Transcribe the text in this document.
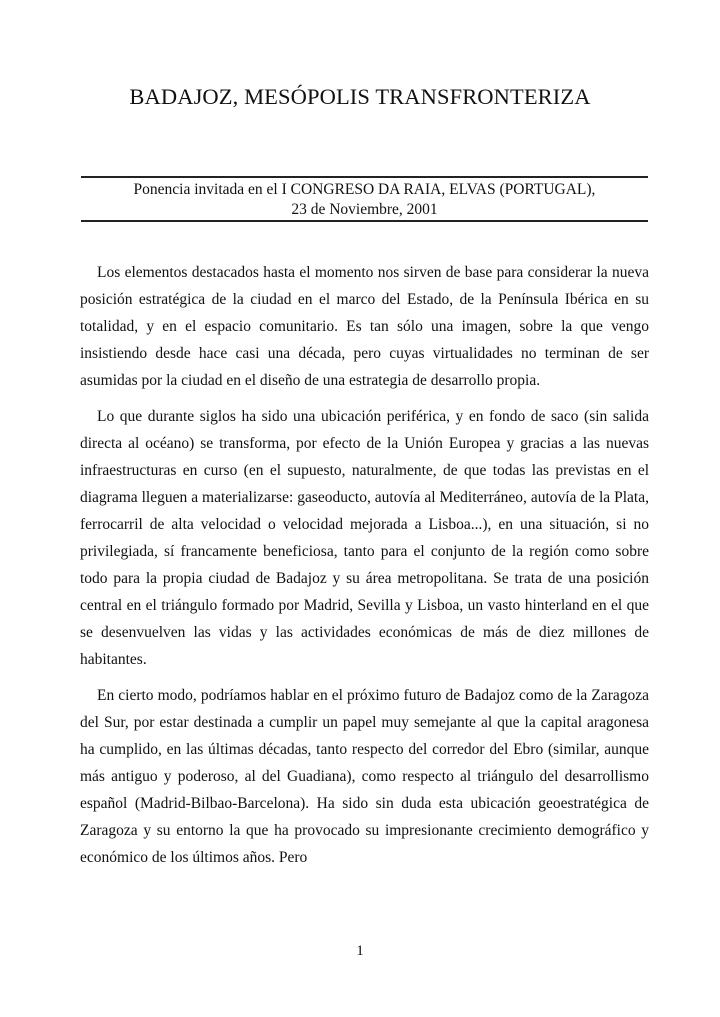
BADAJOZ, MESÓPOLIS TRANSFRONTERIZA
Ponencia invitada en el I CONGRESO DA RAIA, ELVAS (PORTUGAL),
23 de Noviembre, 2001

Los elementos destacados hasta el momento nos sirven de base para considerar la nueva posición estratégica de la ciudad en el marco del Estado, de la Península Ibérica en su totalidad, y en el espacio comunitario. Es tan sólo una imagen, sobre la que vengo insistiendo desde hace casi una década, pero cuyas virtualidades no terminan de ser asumidas por la ciudad en el diseño de una estrategia de desarrollo propia.

Lo que durante siglos ha sido una ubicación periférica, y en fondo de saco (sin salida directa al océano) se transforma, por efecto de la Unión Europea y gracias a las nuevas infraestructuras en curso (en el supuesto, naturalmente, de que todas las previstas en el diagrama lleguen a materializarse: gaseoducto, autovía al Mediterráneo, autovía de la Plata, ferrocarril de alta velocidad o velocidad mejorada a Lisboa...), en una situación, si no privilegiada, sí francamente beneficiosa, tanto para el conjunto de la región como sobre todo para la propia ciudad de Badajoz y su área metropolitana. Se trata de una posición central en el triángulo formado por Madrid, Sevilla y Lisboa, un vasto hinterland en el que se desenvuelven las vidas y las actividades económicas de más de diez millones de habitantes.

En cierto modo, podríamos hablar en el próximo futuro de Badajoz como de la Zaragoza del Sur, por estar destinada a cumplir un papel muy semejante al que la capital aragonesa ha cumplido, en las últimas décadas, tanto respecto del corredor del Ebro (similar, aunque más antiguo y poderoso, al del Guadiana), como respecto al triángulo del desarrollismo español (Madrid-Bilbao-Barcelona). Ha sido sin duda esta ubicación geoestratégica de Zaragoza y su entorno la que ha provocado su impresionante crecimiento demográfico y económico de los últimos años. Pero

1
